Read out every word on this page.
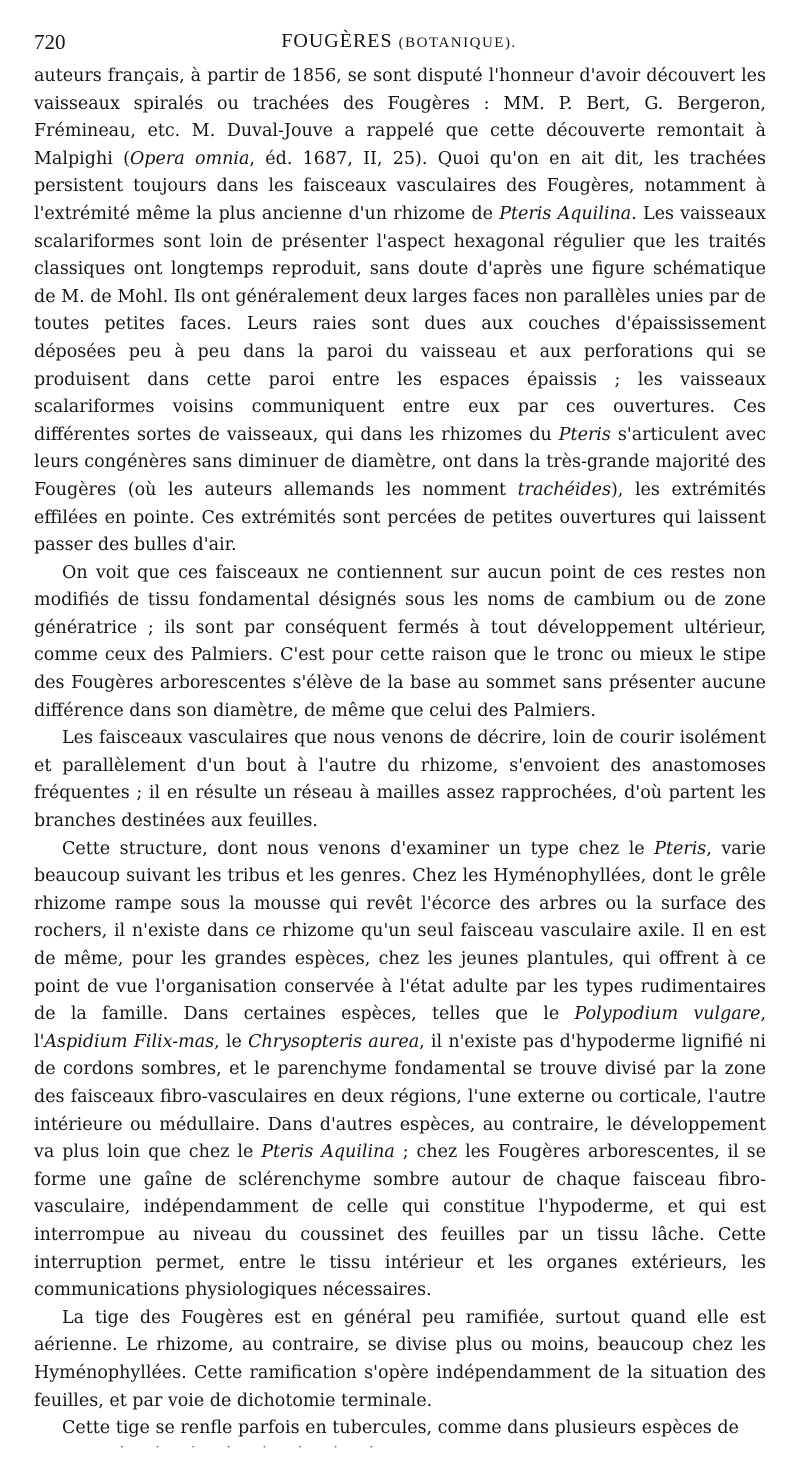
720	FOUGÈRES (BOTANIQUE).

auteurs français, à partir de 1856, se sont disputé l'honneur d'avoir découvert les vaisseaux spiralés ou trachées des Fougères : MM. P. Bert, G. Bergeron, Frémineau, etc. M. Duval-Jouve a rappelé que cette découverte remontait à Malpighi (Opera omnia, éd. 1687, II, 25). Quoi qu'on en ait dit, les trachées persistent toujours dans les faisceaux vasculaires des Fougères, notamment à l'extrémité même la plus ancienne d'un rhizome de Pteris Aquilina. Les vaisseaux scalariformes sont loin de présenter l'aspect hexagonal régulier que les traités classiques ont longtemps reproduit, sans doute d'après une figure schématique de M. de Mohl. Ils ont généralement deux larges faces non parallèles unies par de toutes petites faces. Leurs raies sont dues aux couches d'épaississement déposées peu à peu dans la paroi du vaisseau et aux perforations qui se produisent dans cette paroi entre les espaces épaissis ; les vaisseaux scalariformes voisins communiquent entre eux par ces ouvertures. Ces différentes sortes de vaisseaux, qui dans les rhizomes du Pteris s'articulent avec leurs congénères sans diminuer de diamètre, ont dans la très-grande majorité des Fougères (où les auteurs allemands les nomment trachéides), les extrémités effilées en pointe. Ces extrémités sont percées de petites ouvertures qui laissent passer des bulles d'air.

On voit que ces faisceaux ne contiennent sur aucun point de ces restes non modifiés de tissu fondamental désignés sous les noms de cambium ou de zone génératrice ; ils sont par conséquent fermés à tout développement ultérieur, comme ceux des Palmiers. C'est pour cette raison que le tronc ou mieux le stipe des Fougères arborescentes s'élève de la base au sommet sans présenter aucune différence dans son diamètre, de même que celui des Palmiers.

Les faisceaux vasculaires que nous venons de décrire, loin de courir isolément et parallèlement d'un bout à l'autre du rhizome, s'envoient des anastomoses fréquentes ; il en résulte un réseau à mailles assez rapprochées, d'où partent les branches destinées aux feuilles.

Cette structure, dont nous venons d'examiner un type chez le Pteris, varie beaucoup suivant les tribus et les genres. Chez les Hyménophyllées, dont le grêle rhizome rampe sous la mousse qui revêt l'écorce des arbres ou la surface des rochers, il n'existe dans ce rhizome qu'un seul faisceau vasculaire axile. Il en est de même, pour les grandes espèces, chez les jeunes plantules, qui offrent à ce point de vue l'organisation conservée à l'état adulte par les types rudimentaires de la famille. Dans certaines espèces, telles que le Polypodium vulgare, l'Aspidium Filix-mas, le Chrysopteris aurea, il n'existe pas d'hypoderme lignifié ni de cordons sombres, et le parenchyme fondamental se trouve divisé par la zone des faisceaux fibro-vasculaires en deux régions, l'une externe ou corticale, l'autre intérieure ou médullaire. Dans d'autres espèces, au contraire, le développement va plus loin que chez le Pteris Aquilina ; chez les Fougères arborescentes, il se forme une gaîne de sclérenchyme sombre autour de chaque faisceau fibro-vasculaire, indépendamment de celle qui constitue l'hypoderme, et qui est interrompue au niveau du coussinet des feuilles par un tissu lâche. Cette interruption permet, entre le tissu intérieur et les organes extérieurs, les communications physiologiques nécessaires.

La tige des Fougères est en général peu ramifiée, surtout quand elle est aérienne. Le rhizome, au contraire, se divise plus ou moins, beaucoup chez les Hyménophyllées. Cette ramification s'opère indépendamment de la situation des feuilles, et par voie de dichotomie terminale.

Cette tige se renfle parfois en tubercules, comme dans plusieurs espèces de

· · · · · · · ·
